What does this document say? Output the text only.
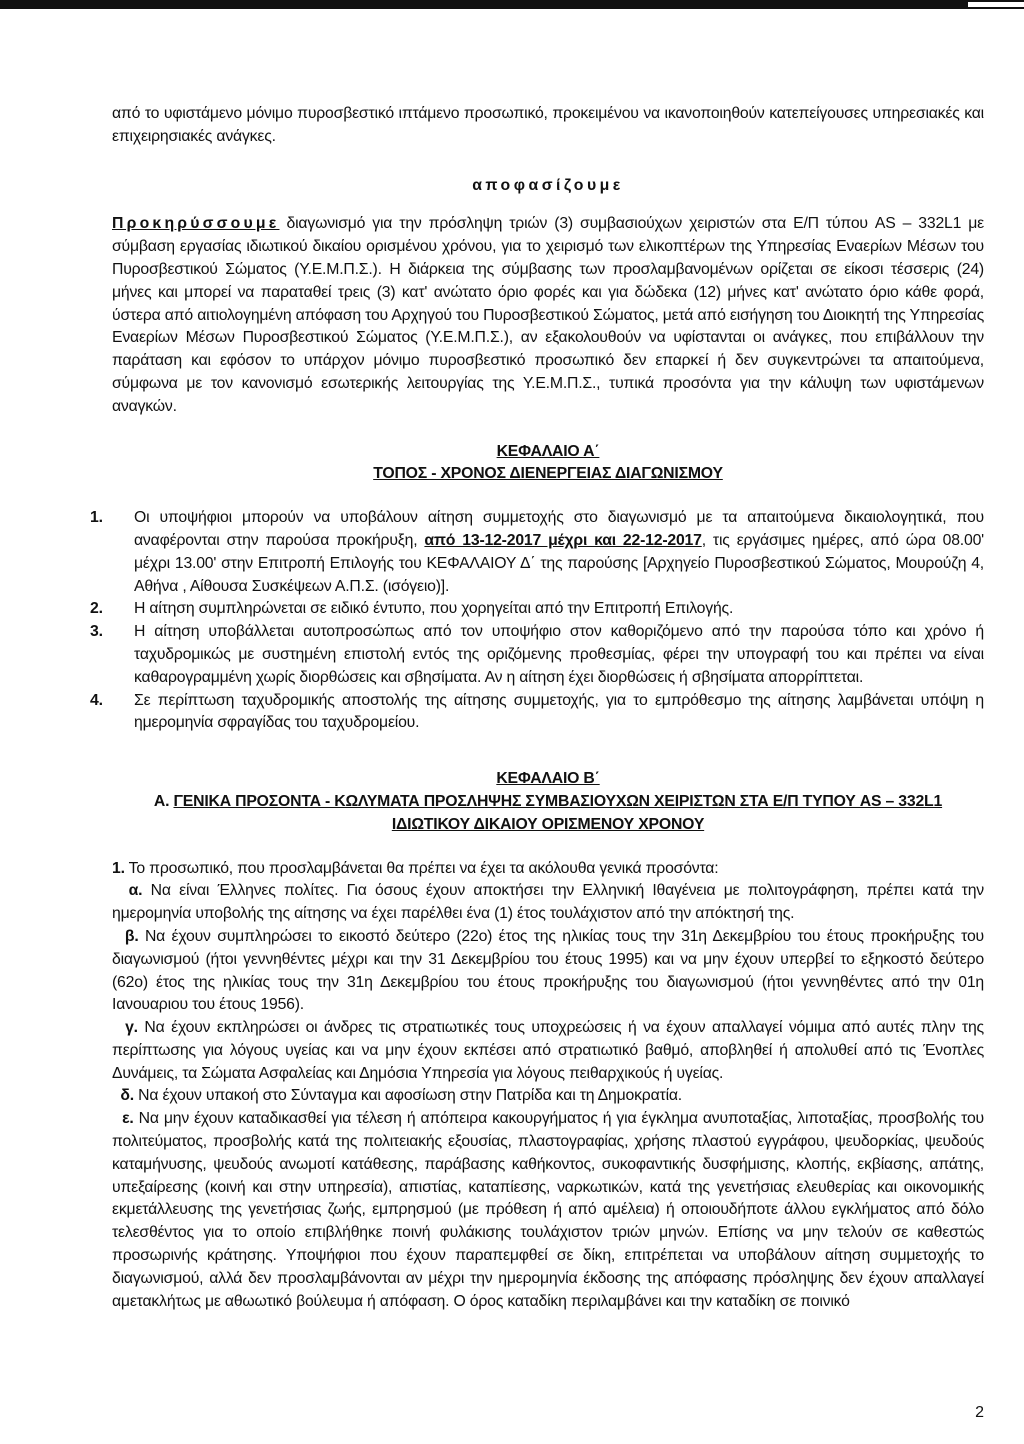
από το υφιστάμενο μόνιμο πυροσβεστικό ιπτάμενο προσωπικό, προκειμένου να ικανοποιηθούν κατεπείγουσες υπηρεσιακές και επιχειρησιακές ανάγκες.

αποφασίζουμε

Προκηρύσσουμε διαγωνισμό για την πρόσληψη τριών (3) συμβασιούχων χειριστών στα Ε/Π τύπου AS – 332L1 με σύμβαση εργασίας ιδιωτικού δικαίου ορισμένου χρόνου, για το χειρισμό των ελικοπτέρων της Υπηρεσίας Εναερίων Μέσων του Πυροσβεστικού Σώματος (Υ.Ε.Μ.Π.Σ.). Η διάρκεια της σύμβασης των προσλαμβανομένων ορίζεται σε είκοσι τέσσερις (24) μήνες και μπορεί να παραταθεί τρεις (3) κατ' ανώτατο όριο φορές και για δώδεκα (12) μήνες κατ' ανώτατο όριο κάθε φορά, ύστερα από αιτιολογημένη απόφαση του Αρχηγού του Πυροσβεστικού Σώματος, μετά από εισήγηση του Διοικητή της Υπηρεσίας Εναερίων Μέσων Πυροσβεστικού Σώματος (Υ.Ε.Μ.Π.Σ.), αν εξακολουθούν να υφίστανται οι ανάγκες, που επιβάλλουν την παράταση και εφόσον το υπάρχον μόνιμο πυροσβεστικό προσωπικό δεν επαρκεί ή δεν συγκεντρώνει τα απαιτούμενα, σύμφωνα με τον κανονισμό εσωτερικής λειτουργίας της Υ.Ε.Μ.Π.Σ., τυπικά προσόντα για την κάλυψη των υφιστάμενων αναγκών.

ΚΕΦΑΛΑΙΟ Α΄
ΤΟΠΟΣ - ΧΡΟΝΟΣ ΔΙΕΝΕΡΓΕΙΑΣ ΔΙΑΓΩΝΙΣΜΟΥ

1. Οι υποψήφιοι μπορούν να υποβάλουν αίτηση συμμετοχής στο διαγωνισμό με τα απαιτούμενα δικαιολογητικά, που αναφέρονται στην παρούσα προκήρυξη, από 13-12-2017 μέχρι και 22-12-2017, τις εργάσιμες ημέρες, από ώρα 08.00' μέχρι 13.00' στην Επιτροπή Επιλογής του ΚΕΦΑΛΑΙΟΥ Δ΄ της παρούσης [Αρχηγείο Πυροσβεστικού Σώματος, Μουρούζη 4, Αθήνα , Αίθουσα Συσκέψεων Α.Π.Σ. (ισόγειο)].

2. Η αίτηση συμπληρώνεται σε ειδικό έντυπο, που χορηγείται από την Επιτροπή Επιλογής.

3. Η αίτηση υποβάλλεται αυτοπροσώπως από τον υποψήφιο στον καθοριζόμενο από την παρούσα τόπο και χρόνο ή ταχυδρομικώς με συστημένη επιστολή εντός της οριζόμενης προθεσμίας, φέρει την υπογραφή του και πρέπει να είναι καθαρογραμμένη χωρίς διορθώσεις και σβησίματα. Αν η αίτηση έχει διορθώσεις ή σβησίματα απορρίπτεται.

4. Σε περίπτωση ταχυδρομικής αποστολής της αίτησης συμμετοχής, για το εμπρόθεσμο της αίτησης λαμβάνεται υπόψη η ημερομηνία σφραγίδας του ταχυδρομείου.

ΚΕΦΑΛΑΙΟ Β΄
Α. ΓΕΝΙΚΑ ΠΡΟΣΟΝΤΑ - ΚΩΛΥΜΑΤΑ ΠΡΟΣΛΗΨΗΣ ΣΥΜΒΑΣΙΟΥΧΩΝ ΧΕΙΡΙΣΤΩΝ ΣΤΑ Ε/Π ΤΥΠΟΥ AS – 332L1
ΙΔΙΩΤΙΚΟΥ ΔΙΚΑΙΟΥ ΟΡΙΣΜΕΝΟΥ ΧΡΟΝΟΥ

1. Το προσωπικό, που προσλαμβάνεται θα πρέπει να έχει τα ακόλουθα γενικά προσόντα:

α. Να είναι Έλληνες πολίτες. Για όσους έχουν αποκτήσει την Ελληνική Ιθαγένεια με πολιτογράφηση, πρέπει κατά την ημερομηνία υποβολής της αίτησης να έχει παρέλθει ένα (1) έτος τουλάχιστον από την απόκτησή της.

β. Να έχουν συμπληρώσει το εικοστό δεύτερο (22ο) έτος της ηλικίας τους την 31η Δεκεμβρίου του έτους προκήρυξης του διαγωνισμού (ήτοι γεννηθέντες μέχρι και την 31 Δεκεμβρίου του έτους 1995) και να μην έχουν υπερβεί το εξηκοστό δεύτερο (62ο) έτος της ηλικίας τους την 31η Δεκεμβρίου του έτους προκήρυξης του διαγωνισμού (ήτοι γεννηθέντες από την 01η Ιανουαριου του έτους 1956).

γ. Να έχουν εκπληρώσει οι άνδρες τις στρατιωτικές τους υποχρεώσεις ή να έχουν απαλλαγεί νόμιμα από αυτές πλην της περίπτωσης για λόγους υγείας και να μην έχουν εκπέσει από στρατιωτικό βαθμό, αποβληθεί ή απολυθεί από τις Ένοπλες Δυνάμεις, τα Σώματα Ασφαλείας και Δημόσια Υπηρεσία για λόγους πειθαρχικούς ή υγείας.

δ. Να έχουν υπακοή στο Σύνταγμα και αφοσίωση στην Πατρίδα και τη Δημοκρατία.

ε. Να μην έχουν καταδικασθεί για τέλεση ή απόπειρα κακουργήματος ή για έγκλημα ανυποταξίας, λιποταξίας, προσβολής του πολιτεύματος, προσβολής κατά της πολιτειακής εξουσίας, πλαστογραφίας, χρήσης πλαστού εγγράφου, ψευδορκίας, ψευδούς καταμήνυσης, ψευδούς ανωμοτί κατάθεσης, παράβασης καθήκοντος, συκοφαντικής δυσφήμισης, κλοπής, εκβίασης, απάτης, υπεξαίρεσης (κοινή και στην υπηρεσία), απιστίας, καταπίεσης, ναρκωτικών, κατά της γενετήσιας ελευθερίας και οικονομικής εκμετάλλευσης της γενετήσιας ζωής, εμπρησμού (με πρόθεση ή από αμέλεια) ή οποιουδήποτε άλλου εγκλήματος από δόλο τελεσθέντος για το οποίο επιβλήθηκε ποινή φυλάκισης τουλάχιστον τριών μηνών. Επίσης να μην τελούν σε καθεστώς προσωρινής κράτησης. Υποψήφιοι που έχουν παραπεμφθεί σε δίκη, επιτρέπεται να υποβάλουν αίτηση συμμετοχής το διαγωνισμού, αλλά δεν προσλαμβάνονται αν μέχρι την ημερομηνία έκδοσης της απόφασης πρόσληψης δεν έχουν απαλλαγεί αμετακλήτως με αθωωτικό βούλευμα ή απόφαση. Ο όρος καταδίκη περιλαμβάνει και την καταδίκη σε ποινικό

2
